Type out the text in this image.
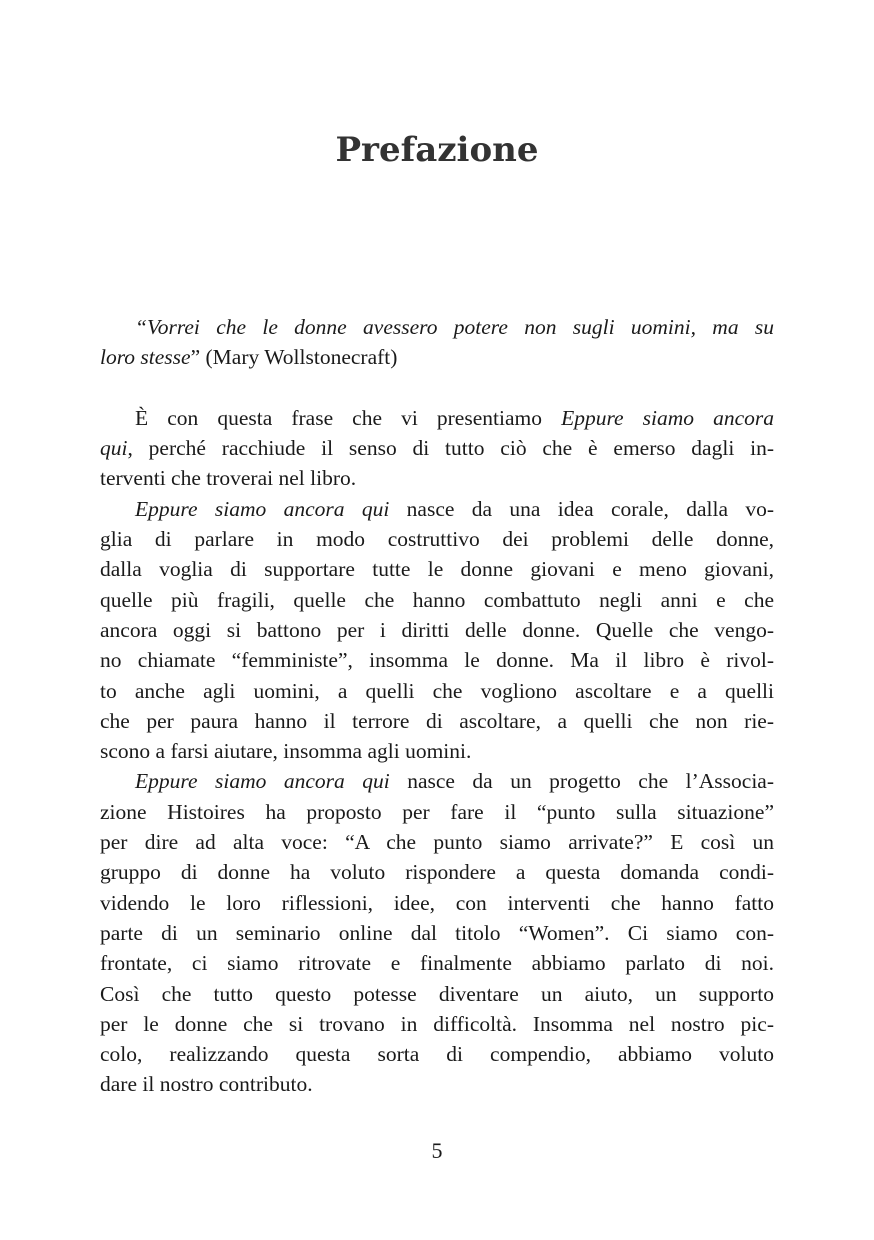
Prefazione
“Vorrei che le donne avessero potere non sugli uomini, ma su
loro stesse” (Mary Wollstonecraft)
È con questa frase che vi presentiamo Eppure siamo ancora
qui, perché racchiude il senso di tutto ciò che è emerso dagli in-
terventi che troverai nel libro.
Eppure siamo ancora qui nasce da una idea corale, dalla vo-
glia di parlare in modo costruttivo dei problemi delle donne,
dalla voglia di supportare tutte le donne giovani e meno giovani,
quelle più fragili, quelle che hanno combattuto negli anni e che
ancora oggi si battono per i diritti delle donne. Quelle che vengo-
no chiamate “femministe”, insomma le donne. Ma il libro è rivol-
to anche agli uomini, a quelli che vogliono ascoltare e a quelli
che per paura hanno il terrore di ascoltare, a quelli che non rie-
scono a farsi aiutare, insomma agli uomini.
Eppure siamo ancora qui nasce da un progetto che l’Associa-
zione Histoires ha proposto per fare il “punto sulla situazione”
per dire ad alta voce: “A che punto siamo arrivate?” E così un
gruppo di donne ha voluto rispondere a questa domanda condi-
videndo le loro riflessioni, idee, con interventi che hanno fatto
parte di un seminario online dal titolo “Women”. Ci siamo con-
frontate, ci siamo ritrovate e finalmente abbiamo parlato di noi.
Così che tutto questo potesse diventare un aiuto, un supporto
per le donne che si trovano in difficoltà. Insomma nel nostro pic-
colo, realizzando questa sorta di compendio, abbiamo voluto
dare il nostro contributo.
5
